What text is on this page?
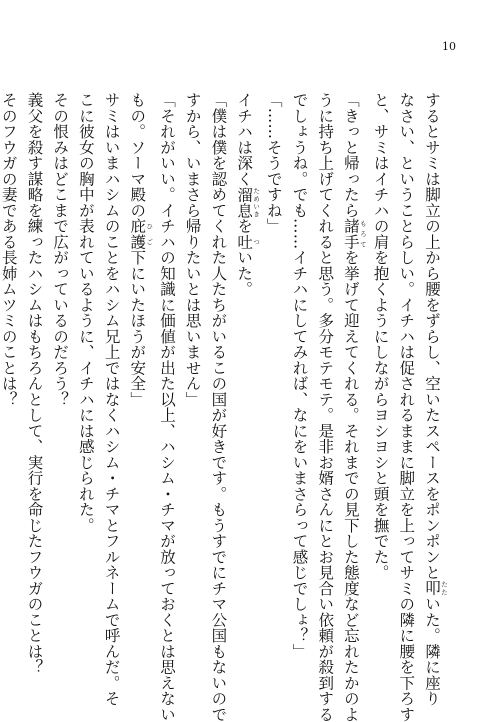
10
するとサミは脚立の上から腰をずらし、空いたスペースをポンポンと叩 たたいた。隣に座り
なさい、ということらしい。イチハは促されるままに脚立を上ってサミの隣に腰を下ろす
と、サミはイチハの肩を抱くようにしながらヨシヨシと頭を撫でた。
「きっと帰ったら諸手 もろてを挙げて迎えてくれる。それまでの見下した態度など忘れたかのよ
うに持ち上げてくれると思う。多分モテモテ。是非お婿さんにとお見合い依頼が殺到する
でしょうね。でも……イチハにしてみれば、なにをいまさらって感じでしょ？」
「……そうですね」
イチハは深く溜息 ためいきを吐 ついた。
「僕は僕を認めてくれた人たちがいるこの国が好きです。もうすでにチマ公国もないので
すから、いまさら帰りたいとは思いません」
「それがいい。イチハの知識に価値が出た以上、ハシム・チマが放っておくとは思えない
もの。ソーマ殿の庇護 ひご下にいたほうが安全」
サミはいまハシムのことをハシム兄上ではなくハシム・チマとフルネームで呼んだ。そ
こに彼女の胸中が表れているように、イチハには感じられた。
その恨みはどこまで広がっているのだろう？
義父を殺す謀略を練ったハシムはもちろんとして、実行を命じたフウガのことは？
そのフウガの妻である長姉ムツミのことは？
